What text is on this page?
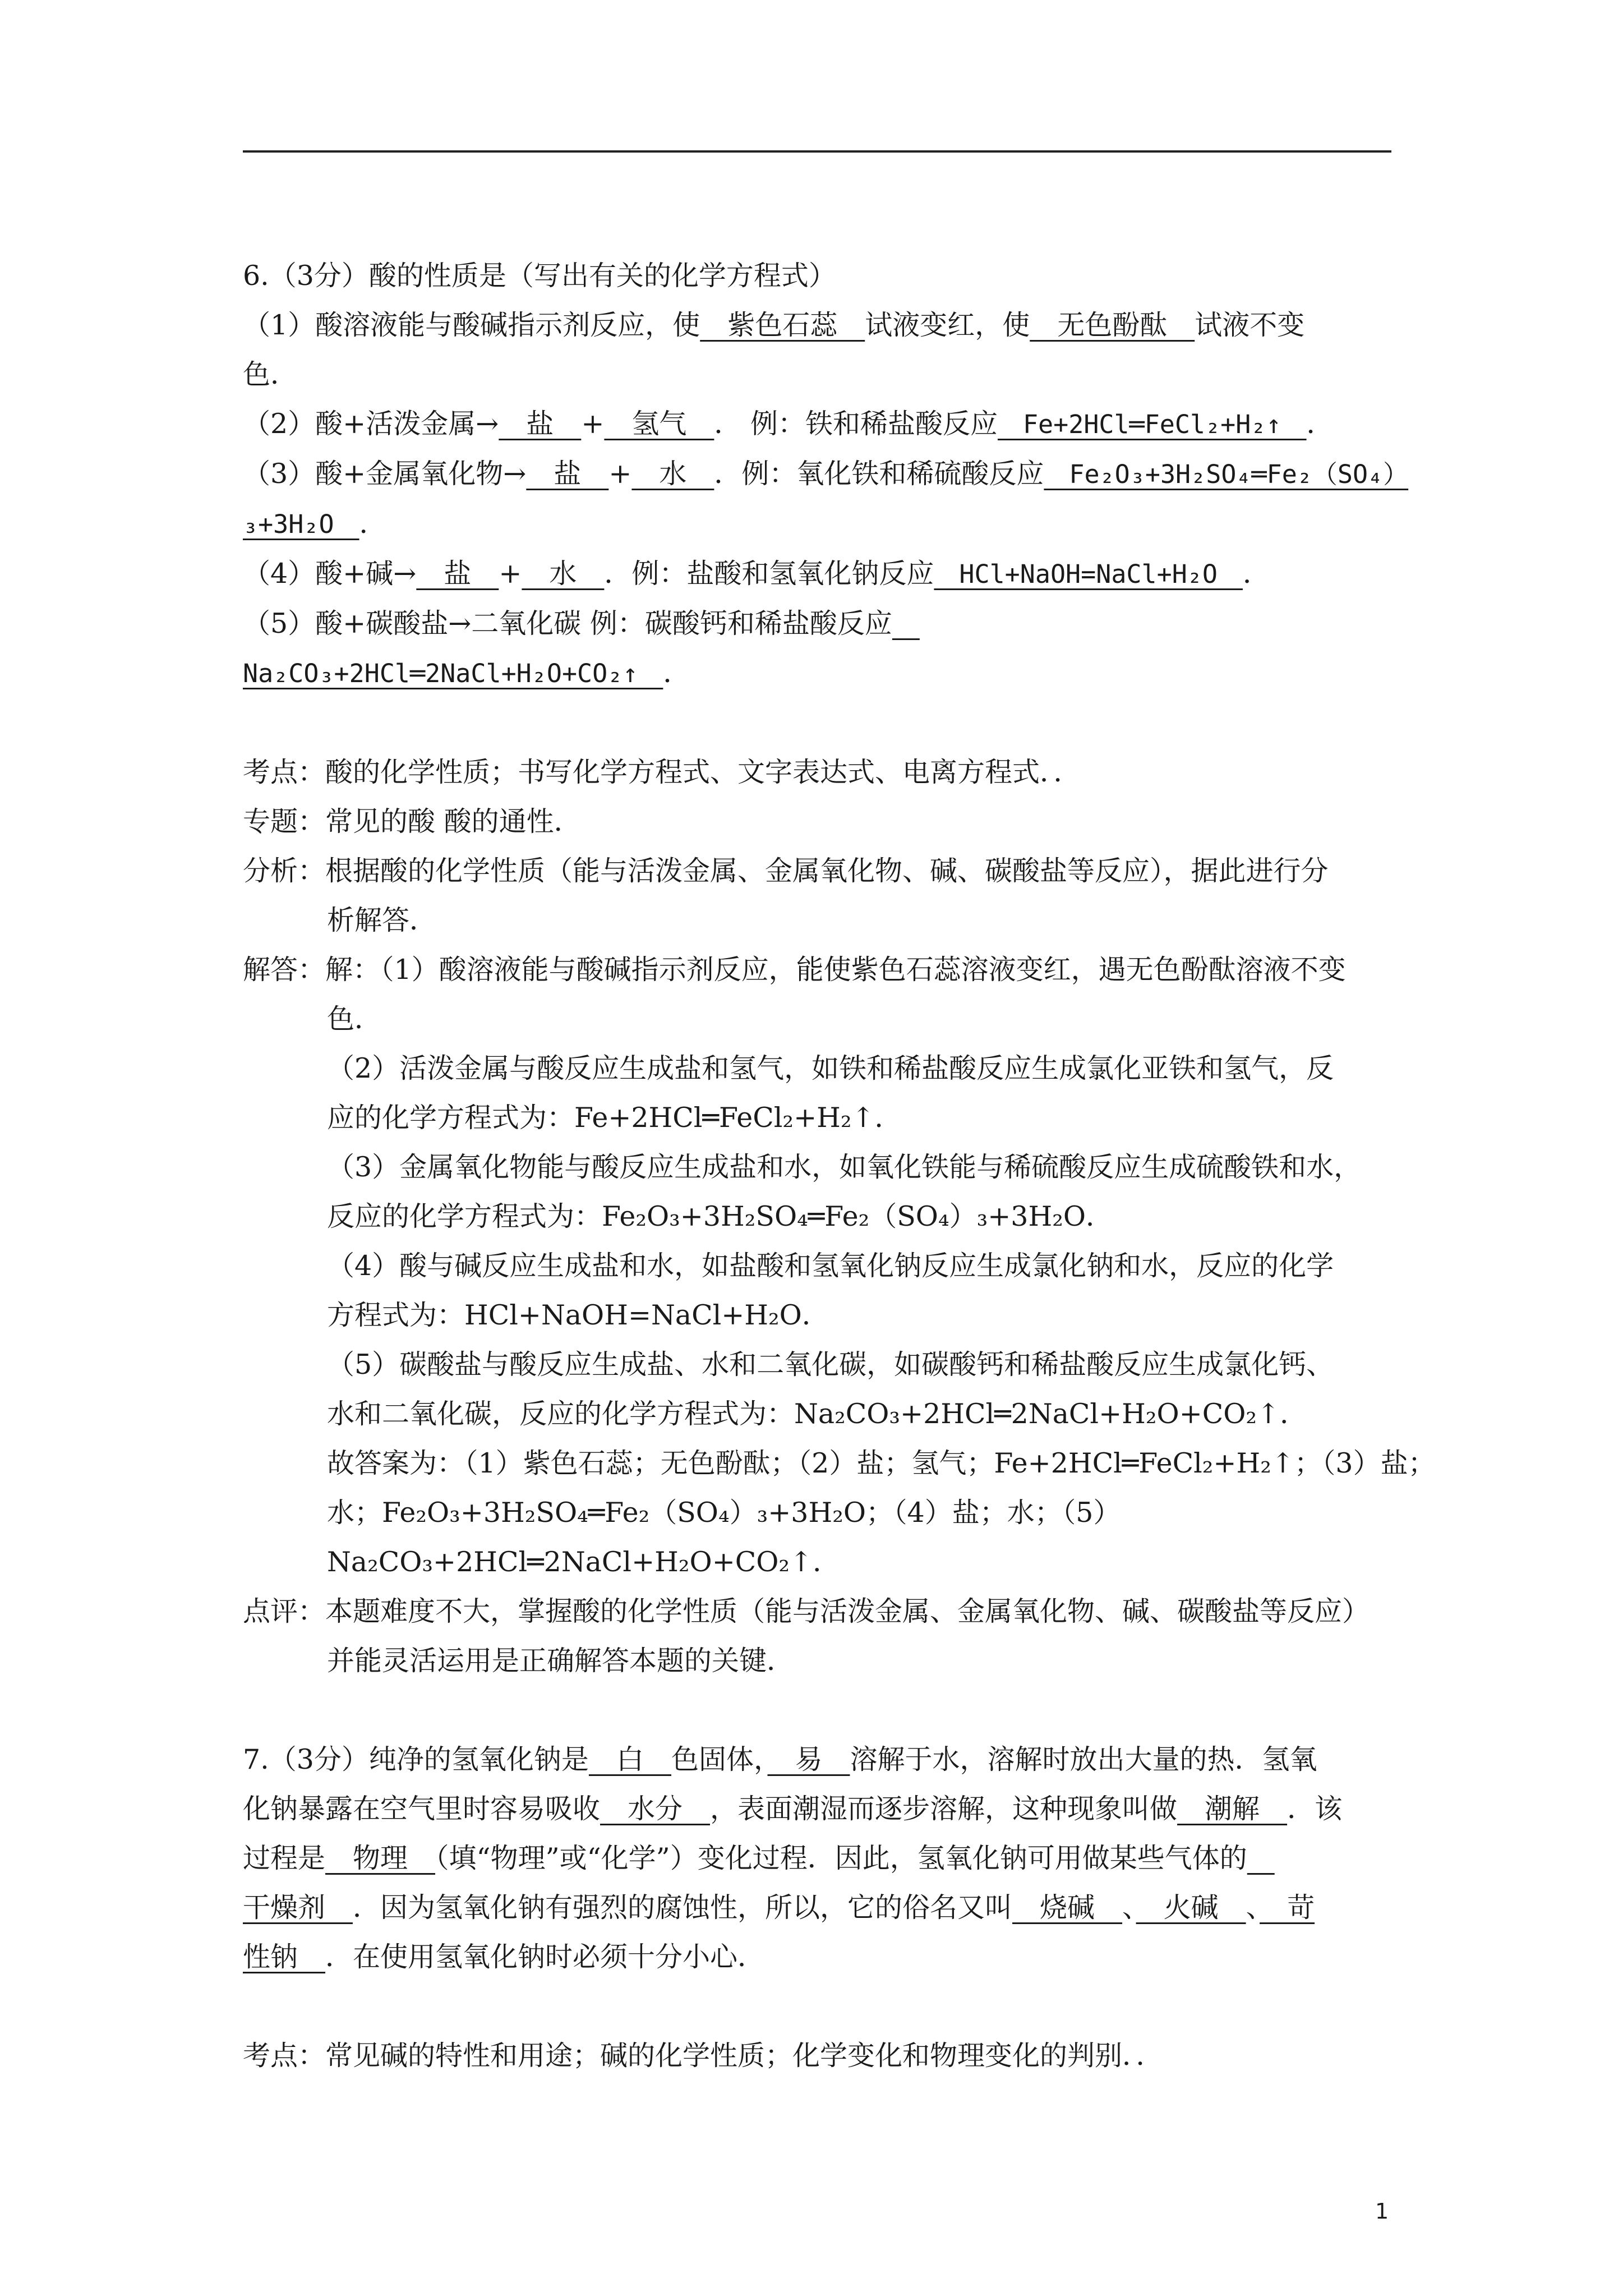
6.（3分）酸的性质是（写出有关的化学方程式）
（1）酸溶液能与酸碱指示剂反应，使　紫色石蕊　试液变红，使　无色酚酞　试液不变
色．
（2）酸+活泼金属→　盐　+　氢气　． 例：铁和稀盐酸反应　Fe+2HCl═FeCl₂+H₂↑　．
（3）酸+金属氧化物→　盐　+　水　．例：氧化铁和稀硫酸反应　Fe₂O₃+3H₂SO₄═Fe₂（SO₄）
₃+3H₂O　．
（4）酸+碱→　盐　+　水　．例：盐酸和氢氧化钠反应　HCl+NaOH=NaCl+H₂O　．
（5）酸+碳酸盐→二氧化碳 例：碳酸钙和稀盐酸反应　
Na₂CO₃+2HCl═2NaCl+H₂O+CO₂↑　．
考点：酸的化学性质；书写化学方程式、文字表达式、电离方程式．．
专题：常见的酸 酸的通性．
分析：根据酸的化学性质（能与活泼金属、金属氧化物、碱、碳酸盐等反应），据此进行分
析解答．
解答：解：（1）酸溶液能与酸碱指示剂反应，能使紫色石蕊溶液变红，遇无色酚酞溶液不变
色．
（2）活泼金属与酸反应生成盐和氢气，如铁和稀盐酸反应生成氯化亚铁和氢气，反
应的化学方程式为：Fe+2HCl═FeCl₂+H₂↑．
（3）金属氧化物能与酸反应生成盐和水，如氧化铁能与稀硫酸反应生成硫酸铁和水，
反应的化学方程式为：Fe₂O₃+3H₂SO₄═Fe₂（SO₄）₃+3H₂O．
（4）酸与碱反应生成盐和水，如盐酸和氢氧化钠反应生成氯化钠和水，反应的化学
方程式为：HCl+NaOH=NaCl+H₂O．
（5）碳酸盐与酸反应生成盐、水和二氧化碳，如碳酸钙和稀盐酸反应生成氯化钙、
水和二氧化碳，反应的化学方程式为：Na₂CO₃+2HCl═2NaCl+H₂O+CO₂↑．
故答案为：（1）紫色石蕊；无色酚酞；（2）盐；氢气；Fe+2HCl═FeCl₂+H₂↑；（3）盐；
水；Fe₂O₃+3H₂SO₄═Fe₂（SO₄）₃+3H₂O；（4）盐；水；（5）
Na₂CO₃+2HCl═2NaCl+H₂O+CO₂↑．
点评：本题难度不大，掌握酸的化学性质（能与活泼金属、金属氧化物、碱、碳酸盐等反应）
并能灵活运用是正确解答本题的关键．
7.（3分）纯净的氢氧化钠是　白　色固体，　易　溶解于水，溶解时放出大量的热．氢氧
化钠暴露在空气里时容易吸收　水分　，表面潮湿而逐步溶解，这种现象叫做　潮解　．该
过程是　物理　（填“物理”或“化学”）变化过程．因此，氢氧化钠可用做某些气体的　
干燥剂　．因为氢氧化钠有强烈的腐蚀性，所以，它的俗名又叫　烧碱　、　火碱　、　苛
性钠　．在使用氢氧化钠时必须十分小心．
考点：常见碱的特性和用途；碱的化学性质；化学变化和物理变化的判别．．
1
